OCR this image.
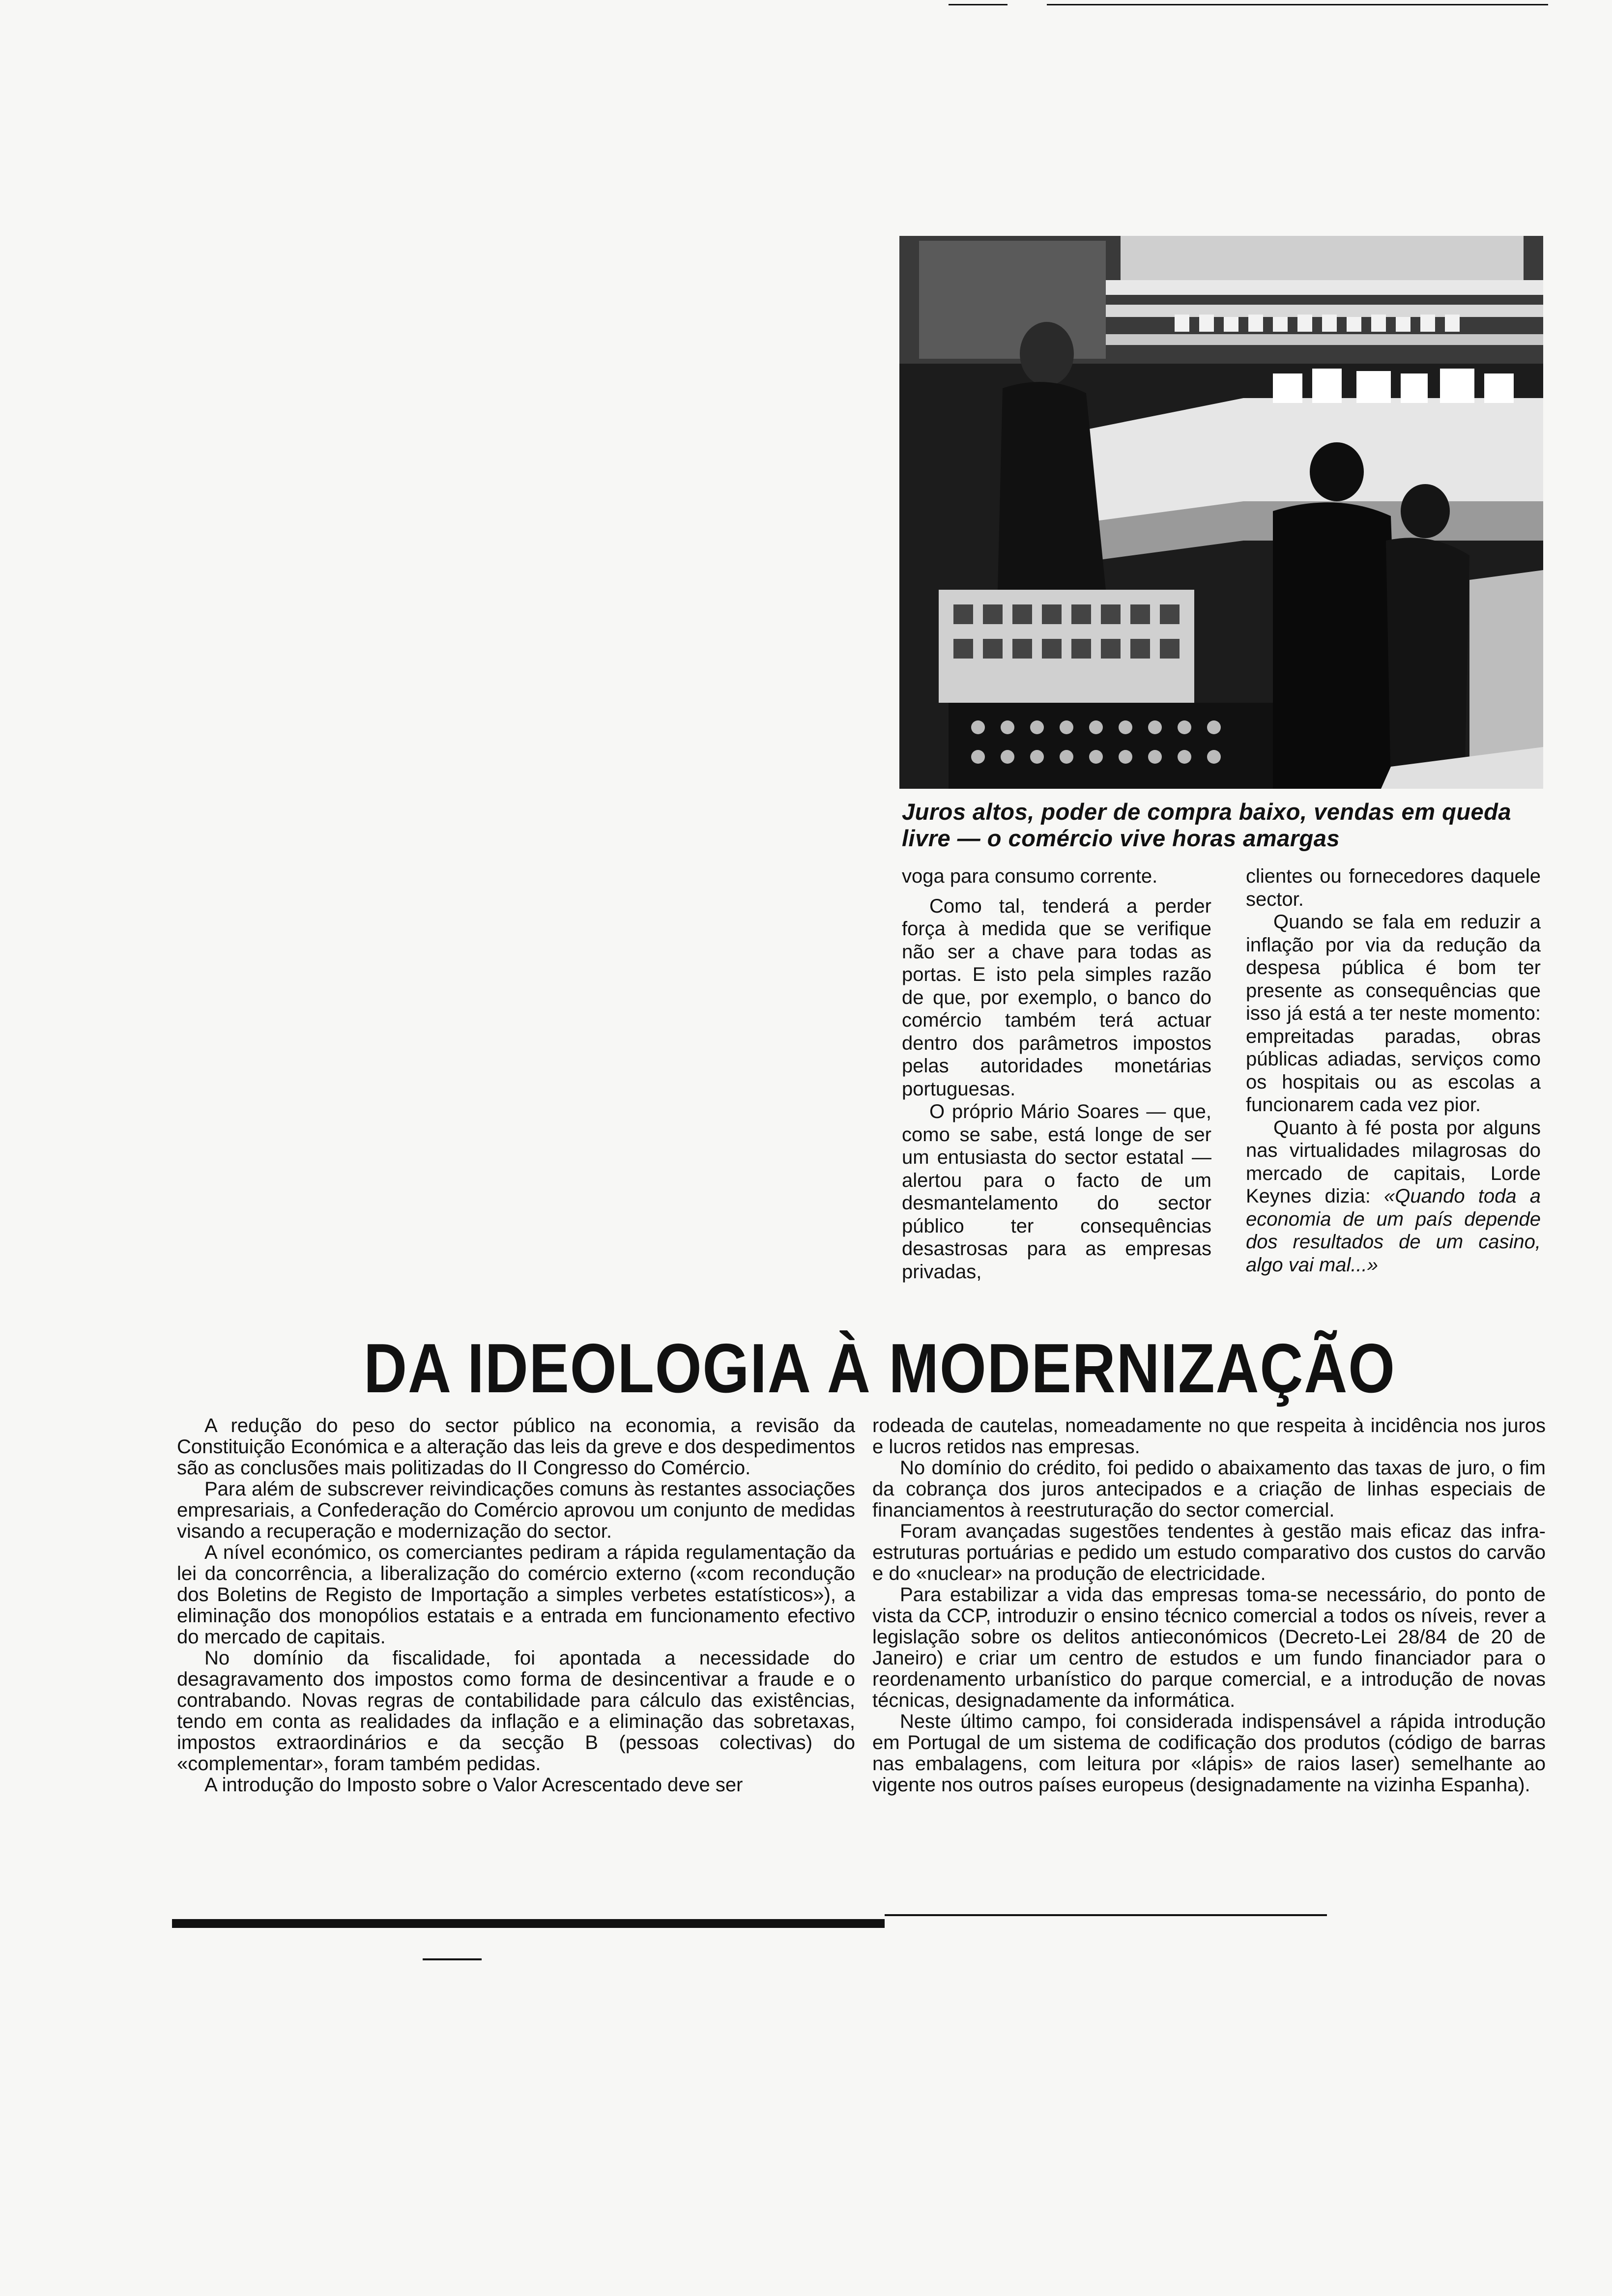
Juros altos, poder de compra baixo, vendas em queda livre — o comércio vive horas amargas

voga para consumo corrente.

Como tal, tenderá a perder força à medida que se verifique não ser a chave para todas as portas. E isto pela simples razão de que, por exemplo, o banco do comércio também terá actuar dentro dos parâmetros impostos pelas autoridades monetárias portuguesas.

O próprio Mário Soares — que, como se sabe, está longe de ser um entusiasta do sector estatal — alertou para o facto de um desmantelamento do sector público ter consequências desastrosas para as empresas privadas,

clientes ou fornecedores daquele sector.

Quando se fala em reduzir a inflação por via da redução da despesa pública é bom ter presente as consequências que isso já está a ter neste momento: empreitadas paradas, obras públicas adiadas, serviços como os hospitais ou as escolas a funcionarem cada vez pior.

Quanto à fé posta por alguns nas virtualidades milagrosas do mercado de capitais, Lorde Keynes dizia: «Quando toda a economia de um país depende dos resultados de um casino, algo vai mal...»

DA IDEOLOGIA À MODERNIZAÇÃO

A redução do peso do sector público na economia, a revisão da Constituição Económica e a alteração das leis da greve e dos despedimentos são as conclusões mais politizadas do II Congresso do Comércio.

Para além de subscrever reivindicações comuns às restantes associações empresariais, a Confederação do Comércio aprovou um conjunto de medidas visando a recuperação e modernização do sector.

A nível económico, os comerciantes pediram a rápida regulamentação da lei da concorrência, a liberalização do comércio externo («com recondução dos Boletins de Registo de Importação a simples verbetes estatísticos»), a eliminação dos monopólios estatais e a entrada em funcionamento efectivo do mercado de capitais.

No domínio da fiscalidade, foi apontada a necessidade do desagravamento dos impostos como forma de desincentivar a fraude e o contrabando. Novas regras de contabilidade para cálculo das existências, tendo em conta as realidades da inflação e a eliminação das sobretaxas, impostos extraordinários e da secção B (pessoas colectivas) do «complementar», foram também pedidas.

A introdução do Imposto sobre o Valor Acrescentado deve ser

rodeada de cautelas, nomeadamente no que respeita à incidência nos juros e lucros retidos nas empresas.

No domínio do crédito, foi pedido o abaixamento das taxas de juro, o fim da cobrança dos juros antecipados e a criação de linhas especiais de financiamentos à reestruturação do sector comercial.

Foram avançadas sugestões tendentes à gestão mais eficaz das infra-estruturas portuárias e pedido um estudo comparativo dos custos do carvão e do «nuclear» na produção de electricidade.

Para estabilizar a vida das empresas toma-se necessário, do ponto de vista da CCP, introduzir o ensino técnico comercial a todos os níveis, rever a legislação sobre os delitos antieconómicos (Decreto-Lei 28/84 de 20 de Janeiro) e criar um centro de estudos e um fundo financiador para o reordenamento urbanístico do parque comercial, e a introdução de novas técnicas, designadamente da informática.

Neste último campo, foi considerada indispensável a rápida introdução em Portugal de um sistema de codificação dos produtos (código de barras nas embalagens, com leitura por «lápis» de raios laser) semelhante ao vigente nos outros países europeus (designadamente na vizinha Espanha).
